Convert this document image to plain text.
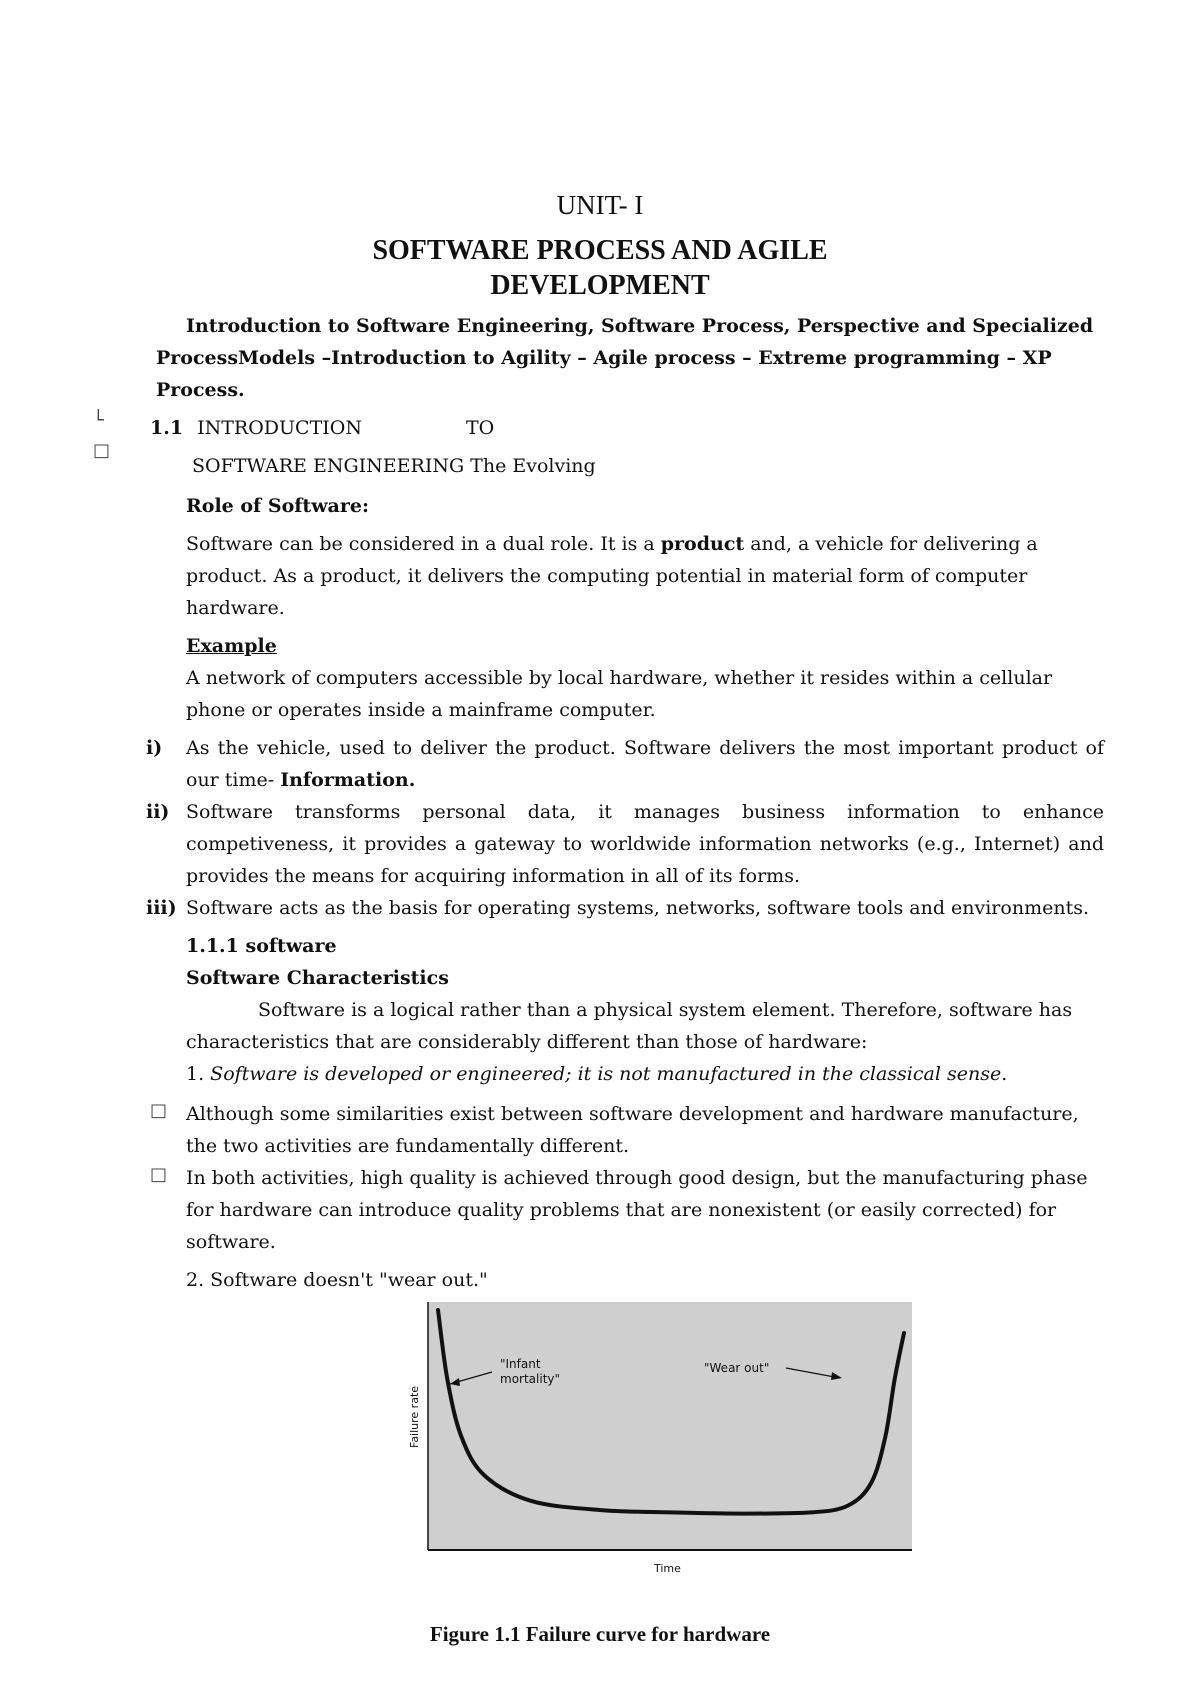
UNIT- I
SOFTWARE PROCESS AND AGILE
DEVELOPMENT
Introduction to Software Engineering, Software Process, Perspective and Specialized
ProcessModels –Introduction to Agility – Agile process – Extreme programming – XP
Process.
└
□
1.1 INTRODUCTION	TO
SOFTWARE ENGINEERING The Evolving
Role of Software:
Software can be considered in a dual role. It is a product and, a vehicle for delivering a
product. As a product, it delivers the computing potential in material form of computer
hardware.
Example
A network of computers accessible by local hardware, whether it resides within a cellular
phone or operates inside a mainframe computer.
i) As the vehicle, used to deliver the product. Software delivers the most important product of
our time- Information.
ii) Software transforms personal data, it manages business information to enhance
competiveness, it provides a gateway to worldwide information networks (e.g., Internet) and
provides the means for acquiring information in all of its forms.
iii) Software acts as the basis for operating systems, networks, software tools and environments.
1.1.1 software
Software Characteristics
Software is a logical rather than a physical system element. Therefore, software has
characteristics that are considerably different than those of hardware:
1. Software is developed or engineered; it is not manufactured in the classical sense.
□ Although some similarities exist between software development and hardware manufacture,
the two activities are fundamentally different.
□ In both activities, high quality is achieved through good design, but the manufacturing phase
for hardware can introduce quality problems that are nonexistent (or easily corrected) for
software.
2. Software doesn't "wear out."
"Infant
mortality"
"Wear out"
Failure rate
Time
Figure 1.1 Failure curve for hardware
